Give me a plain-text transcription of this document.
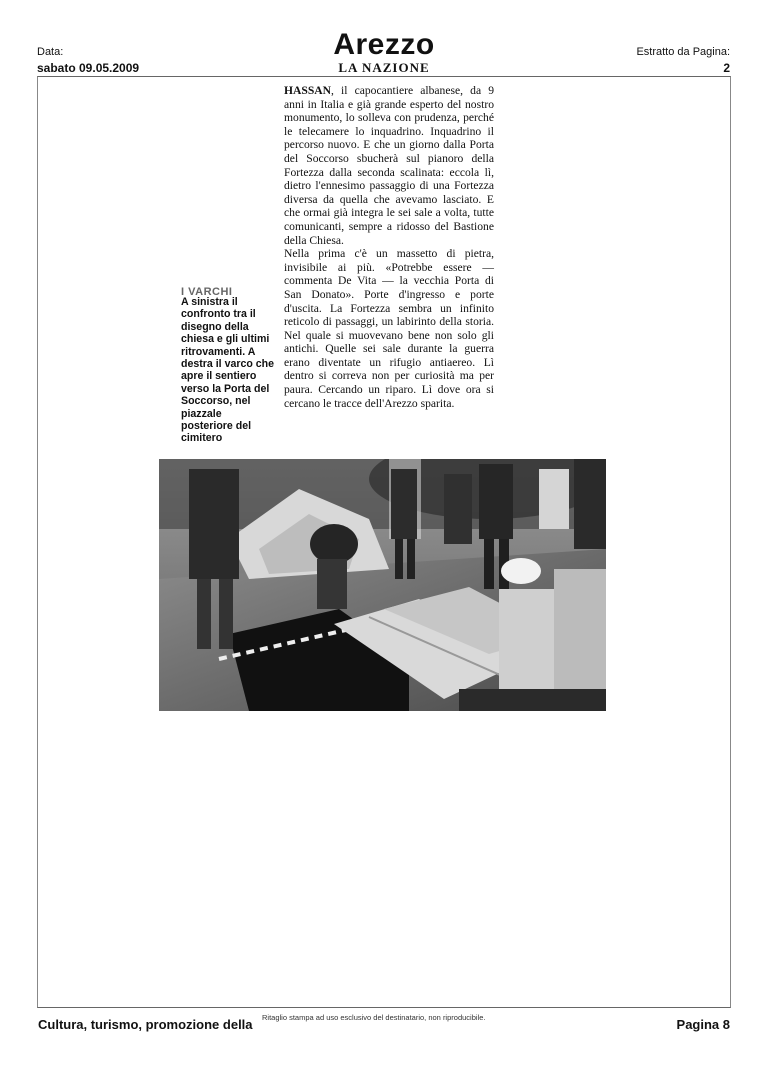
Data:
sabato 09.05.2009
Arezzo
LA NAZIONE
Estratto da Pagina:
2

HASSAN, il capocantiere albanese, da 9 anni in Italia e già grande esperto del nostro monumento, lo solleva con prudenza, perché le telecamere lo inquadrino. Inquadrino il percorso nuovo. E che un giorno dalla Porta del Soccorso sbucherà sul pianoro della Fortezza dalla seconda scalinata: eccola lì, dietro l'ennesimo passaggio di una Fortezza diversa da quella che avevamo lasciato. E che ormai già integra le sei sale a volta, tutte comunicanti, sempre a ridosso del Bastione della Chiesa.

Nella prima c'è un massetto di pietra, invisibile ai più. «Potrebbe essere — commenta De Vita — la vecchia Porta di San Donato». Porte d'ingresso e porte d'uscita. La Fortezza sembra un infinito reticolo di passaggi, un labirinto della storia. Nel quale si muovevano bene non solo gli antichi. Quelle sei sale durante la guerra erano diventate un rifugio antiaereo. Lì dentro si correva non per curiosità ma per paura. Cercando un riparo. Lì dove ora si cercano le tracce dell'Arezzo sparita.

I VARCHI
A sinistra il confronto tra il disegno della chiesa e gli ultimi ritrovamenti. A destra il varco che apre il sentiero verso la Porta del Soccorso, nel piazzale posteriore del cimitero
Cultura, turismo, promozione della Ritaglio stampa ad uso esclusivo del destinatario, non riproducibile.	Pagina 8
